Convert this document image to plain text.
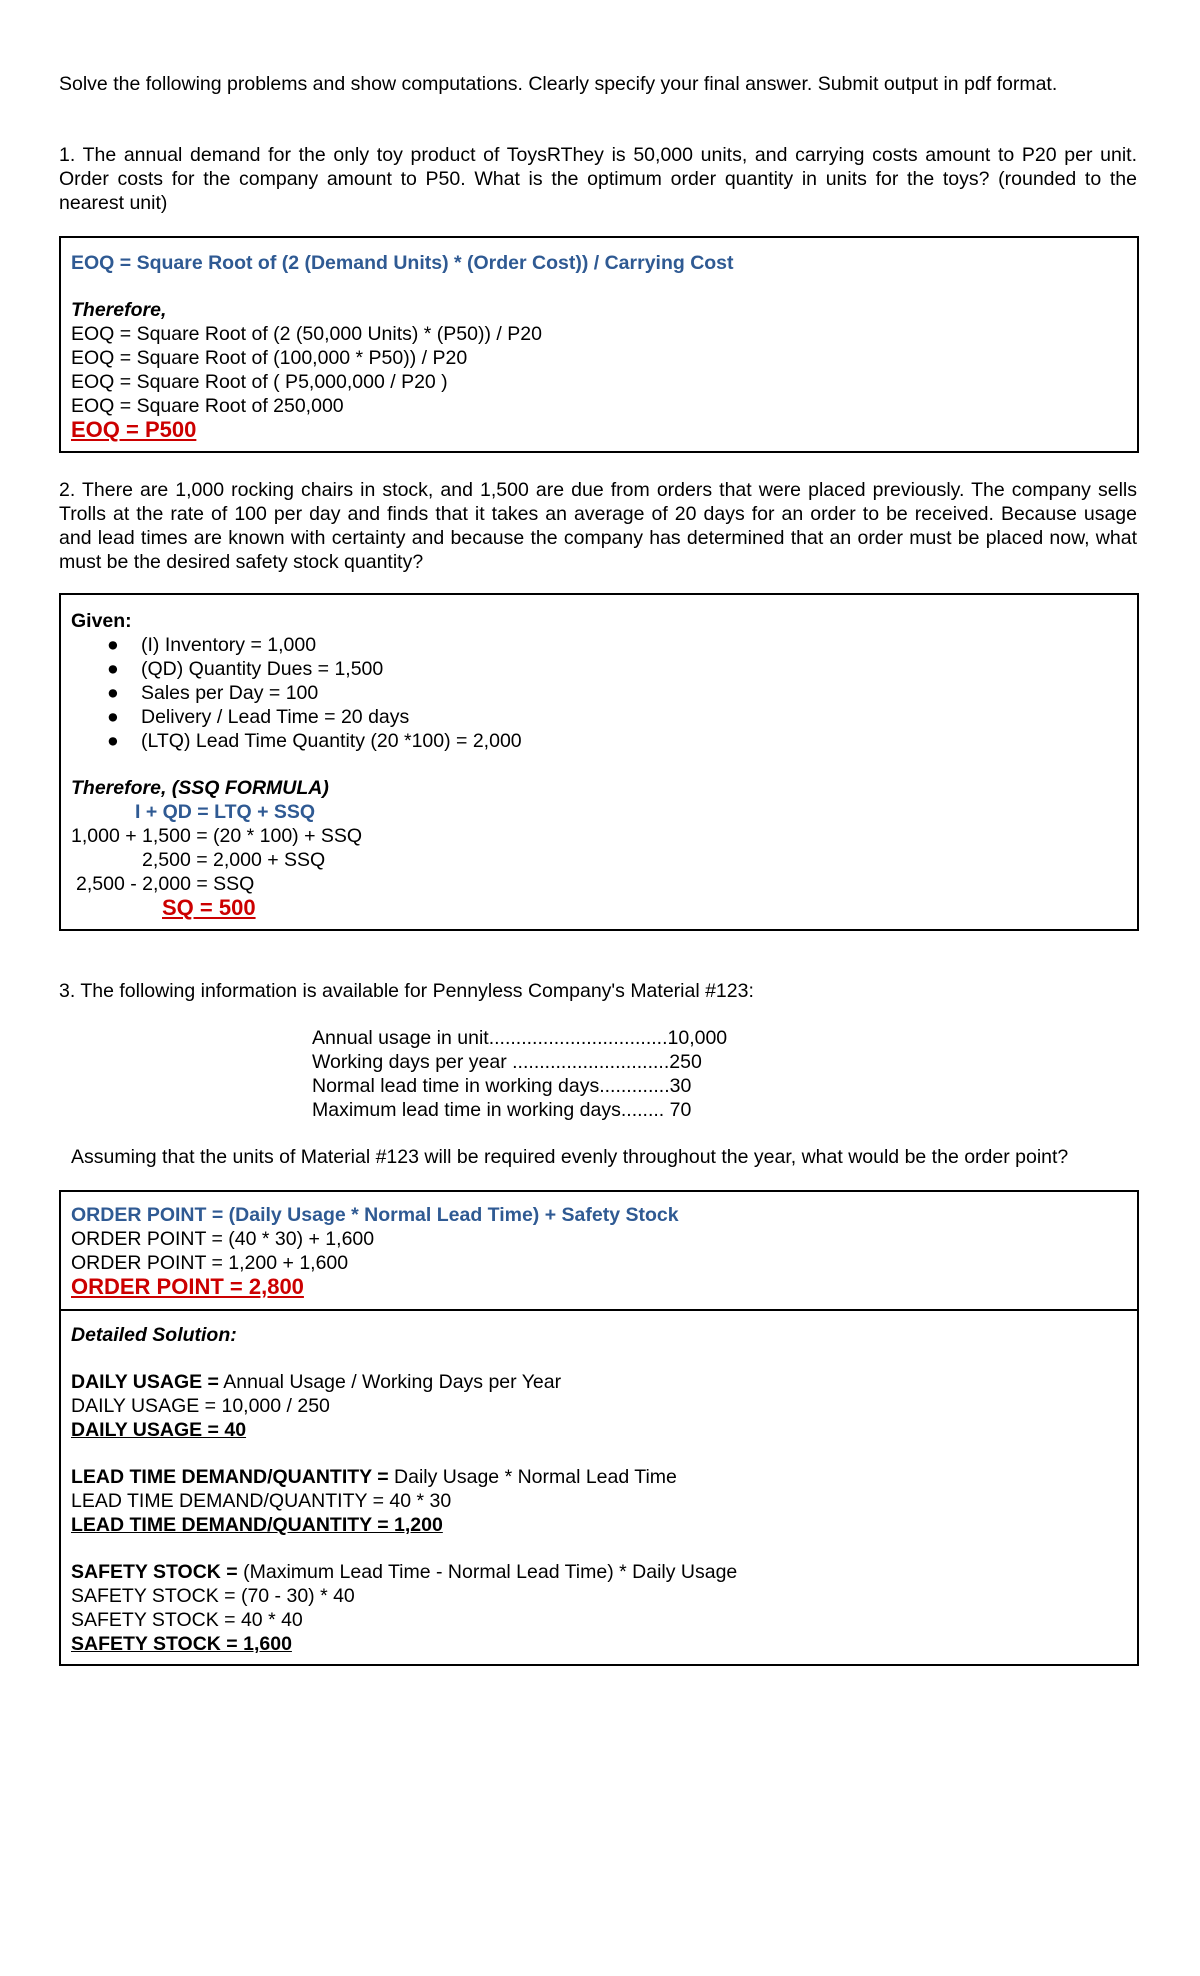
Solve the following problems and show computations. Clearly specify your final answer. Submit output in pdf format.
1. The annual demand for the only toy product of ToysRThey is 50,000 units, and carrying costs amount to P20 per unit.
Order costs for the company amount to P50. What is the optimum order quantity in units for the toys? (rounded to the
nearest unit)
EOQ = Square Root of (2 (Demand Units) * (Order Cost)) / Carrying Cost
Therefore,
EOQ = Square Root of (2 (50,000 Units) * (P50)) / P20
EOQ = Square Root of (100,000 * P50)) / P20
EOQ = Square Root of ( P5,000,000 / P20 )
EOQ = Square Root of 250,000
EOQ = P500
2. There are 1,000 rocking chairs in stock, and 1,500 are due from orders that were placed previously. The company sells
Trolls at the rate of 100 per day and finds that it takes an average of 20 days for an order to be received. Because usage
and lead times are known with certainty and because the company has determined that an order must be placed now, what
must be the desired safety stock quantity?
Given:
● (I) Inventory = 1,000
● (QD) Quantity Dues = 1,500
● Sales per Day = 100
● Delivery / Lead Time = 20 days
● (LTQ) Lead Time Quantity (20 *100) = 2,000
Therefore, (SSQ FORMULA)
I + QD = LTQ + SSQ
1,000 + 1,500 = (20 * 100) + SSQ
2,500 = 2,000 + SSQ
2,500 - 2,000 = SSQ
SQ = 500
3. The following information is available for Pennyless Company's Material #123:
Annual usage in unit.................................10,000
Working days per year .............................250
Normal lead time in working days.............30
Maximum lead time in working days........ 70
Assuming that the units of Material #123 will be required evenly throughout the year, what would be the order point?
ORDER POINT = (Daily Usage * Normal Lead Time) + Safety Stock
ORDER POINT = (40 * 30) + 1,600
ORDER POINT = 1,200 + 1,600
ORDER POINT = 2,800
Detailed Solution:
DAILY USAGE = Annual Usage / Working Days per Year
DAILY USAGE = 10,000 / 250
DAILY USAGE = 40
LEAD TIME DEMAND/QUANTITY = Daily Usage * Normal Lead Time
LEAD TIME DEMAND/QUANTITY = 40 * 30
LEAD TIME DEMAND/QUANTITY = 1,200
SAFETY STOCK = (Maximum Lead Time - Normal Lead Time) * Daily Usage
SAFETY STOCK = (70 - 30) * 40
SAFETY STOCK = 40 * 40
SAFETY STOCK = 1,600
